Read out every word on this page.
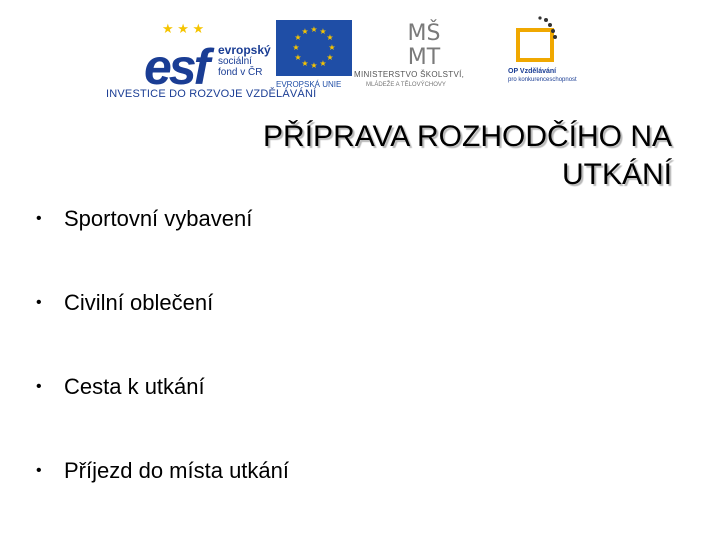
★ ★ ★
esf evropský
sociální
fond v ČR
★ ★
★
★
★
★
★
★
★
★
★
★
EVROPSKÁ UNIE
MŠ
MT
MINISTERSTVO ŠKOLSTVÍ,
MLÁDEŽE A TĚLOVÝCHOVY
OP Vzdělávání
pro konkurenceschopnost
INVESTICE DO ROZVOJE VZDĚLÁVÁNÍ
PŘÍPRAVA ROZHODČÍHO NA
UTKÁNÍ
• Sportovní vybavení
• Civilní oblečení
• Cesta k utkání
• Příjezd do místa utkání
